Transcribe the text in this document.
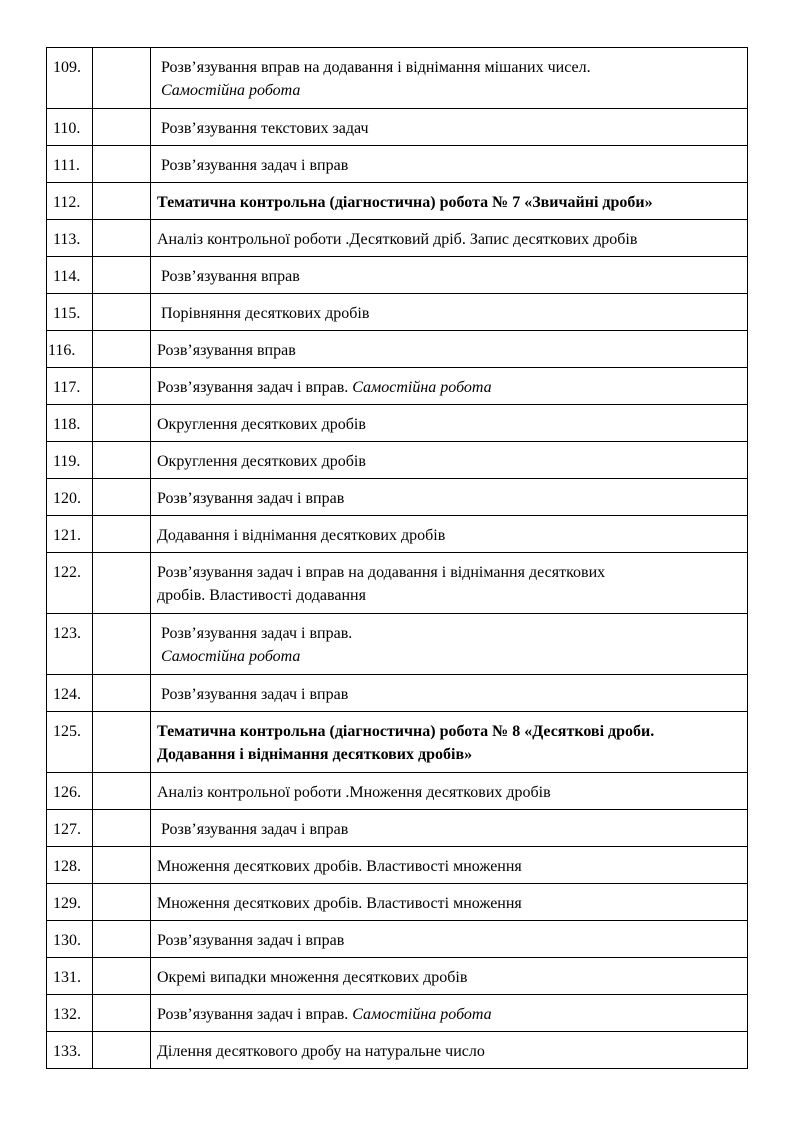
109.		Розв’язування вправ на додавання і віднімання мішаних чисел.
Самостійна робота

110.		Розв’язування текстових задач

111.		Розв’язування задач і вправ

112.		Тематична контрольна (діагностична) робота № 7 «Звичайні дроби»

113.		Аналіз контрольної роботи .Десятковий дріб. Запис десяткових дробів

114.		Розв’язування вправ

115.		Порівняння десяткових дробів

116.		Розв’язування вправ

117.		Розв’язування задач і вправ. Самостійна робота

118.		Округлення десяткових дробів

119.		Округлення десяткових дробів

120.		Розв’язування задач і вправ

121.		Додавання і віднімання десяткових дробів

122.		Розв’язування задач і вправ на додавання і віднімання десяткових
дробів. Властивості додавання

123.		Розв’язування задач і вправ.
Самостійна робота

124.		Розв’язування задач і вправ

125.		Тематична контрольна (діагностична) робота № 8 «Десяткові дроби.
Додавання і віднімання десяткових дробів»

126.		Аналіз контрольної роботи .Множення десяткових дробів

127.		Розв’язування задач і вправ

128.		Множення десяткових дробів. Властивості множення

129.		Множення десяткових дробів. Властивості множення

130.		Розв’язування задач і вправ

131.		Окремі випадки множення десяткових дробів

132.		Розв’язування задач і вправ. Самостійна робота

133.		Ділення десяткового дробу на натуральне число
